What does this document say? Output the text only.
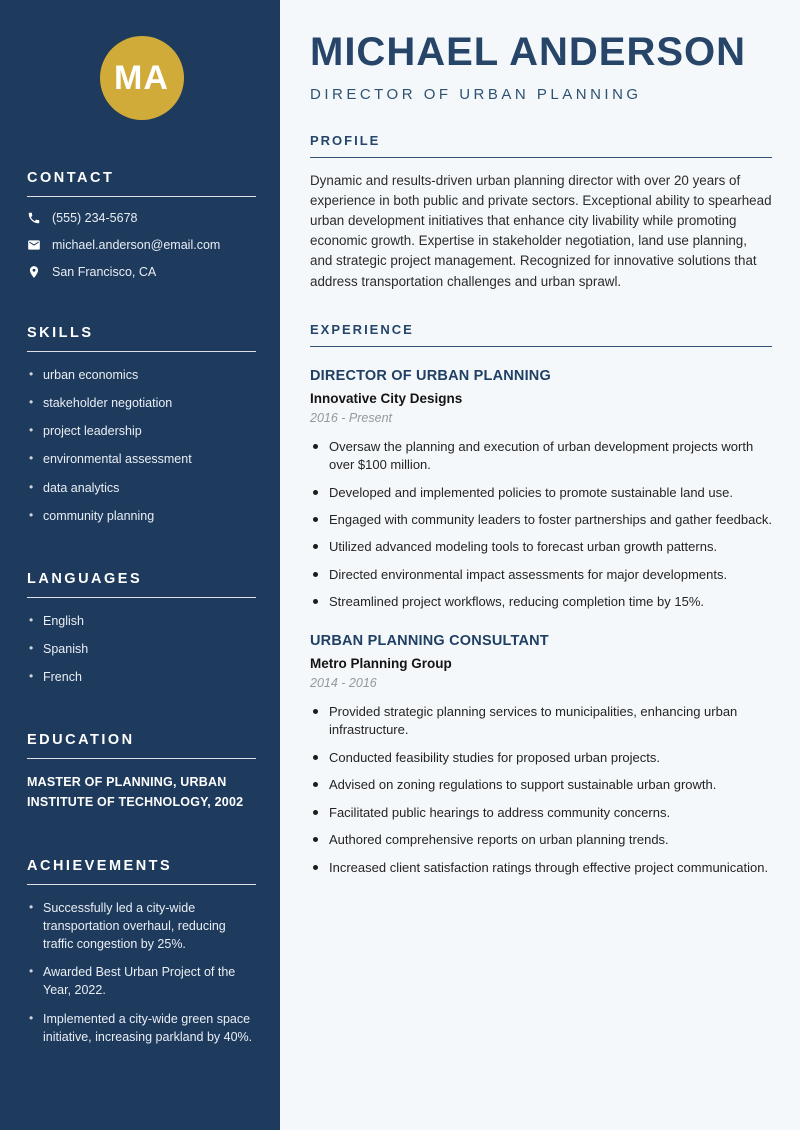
MA
CONTACT
(555) 234-5678
michael.anderson@email.com
San Francisco, CA
SKILLS
• urban economics
• stakeholder negotiation
• project leadership
• environmental assessment
• data analytics
• community planning
LANGUAGES
• English
• Spanish
• French
EDUCATION

MASTER OF PLANNING, URBAN INSTITUTE OF TECHNOLOGY, 2002

ACHIEVEMENTS
• Successfully led a city-wide transportation overhaul, reducing traffic congestion by 25%.
• Awarded Best Urban Project of the Year, 2022.
• Implemented a city-wide green space initiative, increasing parkland by 40%.
MICHAEL ANDERSON

DIRECTOR OF URBAN PLANNING

PROFILE

Dynamic and results-driven urban planning director with over 20 years of experience in both public and private sectors. Exceptional ability to spearhead urban development initiatives that enhance city livability while promoting economic growth. Expertise in stakeholder negotiation, land use planning, and strategic project management. Recognized for innovative solutions that address transportation challenges and urban sprawl.

EXPERIENCE
DIRECTOR OF URBAN PLANNING

Innovative City Designs

2016 - Present

Oversaw the planning and execution of urban development projects worth over $100 million.
Developed and implemented policies to promote sustainable land use.
Engaged with community leaders to foster partnerships and gather feedback.
Utilized advanced modeling tools to forecast urban growth patterns.
Directed environmental impact assessments for major developments.
Streamlined project workflows, reducing completion time by 15%.
URBAN PLANNING CONSULTANT

Metro Planning Group

2014 - 2016

Provided strategic planning services to municipalities, enhancing urban infrastructure.
Conducted feasibility studies for proposed urban projects.
Advised on zoning regulations to support sustainable urban growth.
Facilitated public hearings to address community concerns.
Authored comprehensive reports on urban planning trends.
Increased client satisfaction ratings through effective project communication.
